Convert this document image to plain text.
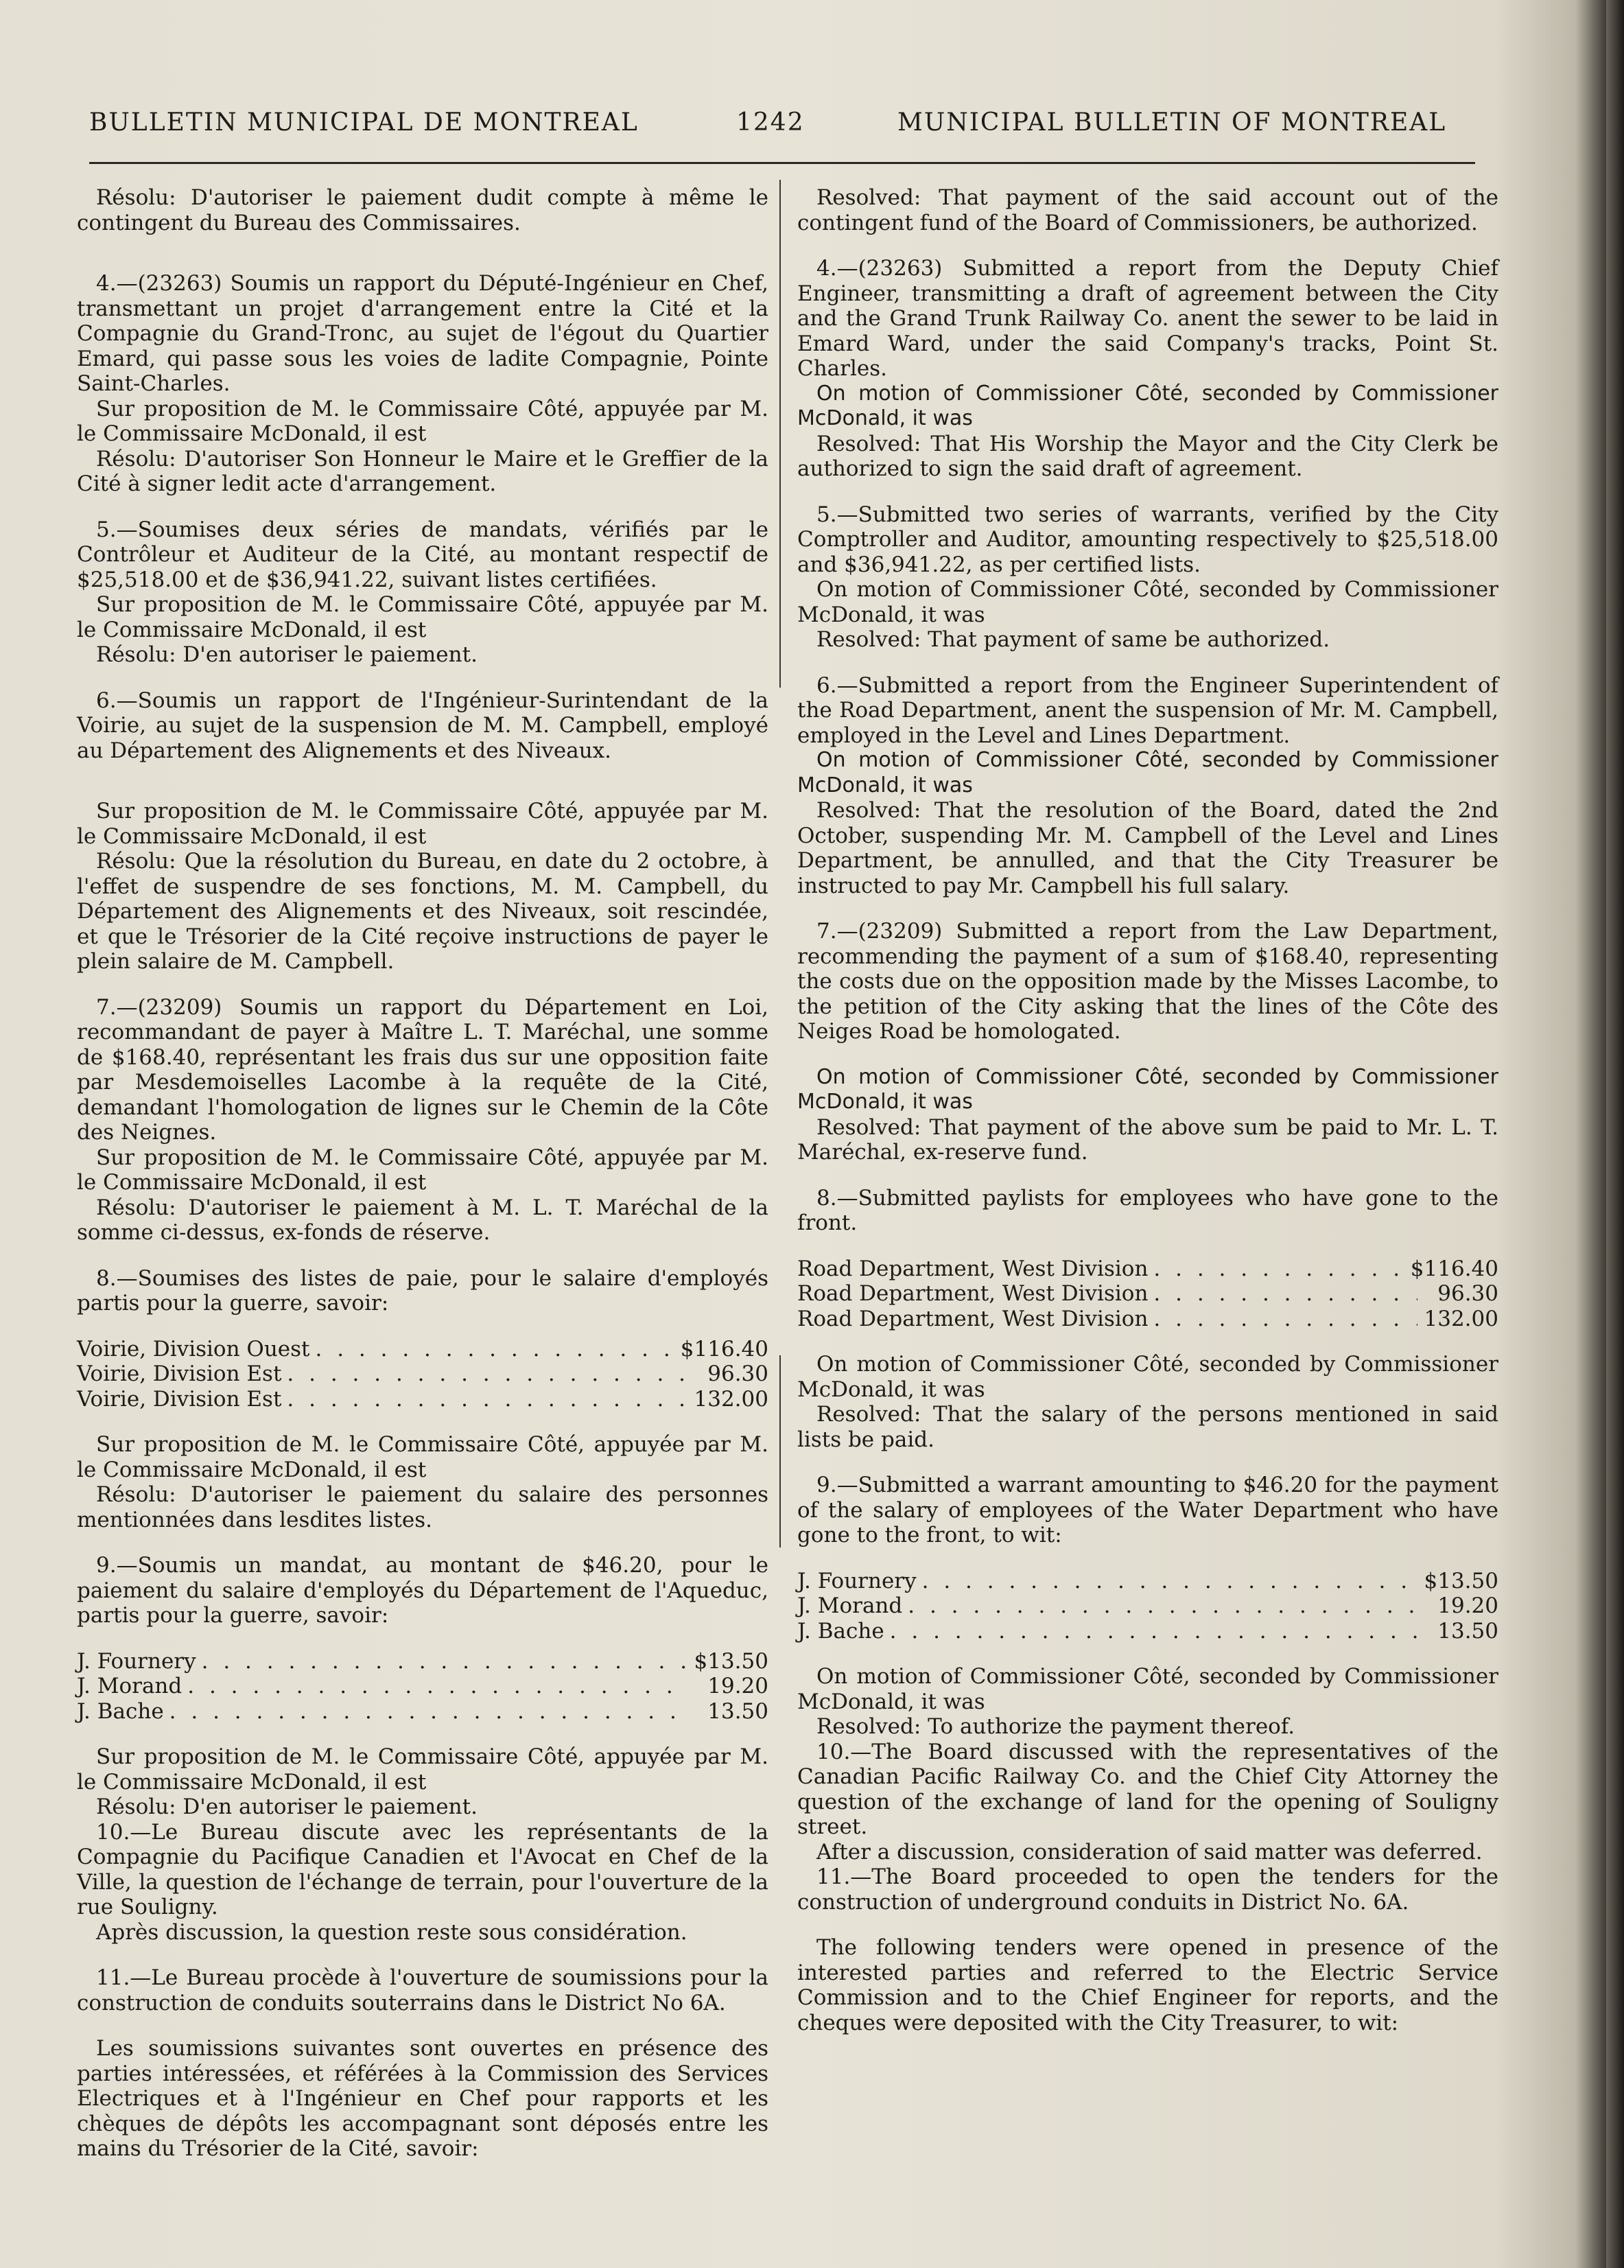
BULLETIN MUNICIPAL DE MONTREAL	1242	MUNICIPAL BULLETIN OF MONTREAL

Résolu: D'autoriser le paiement dudit compte à même le contingent du Bureau des Commissaires.

4.—(23263) Soumis un rapport du Député-Ingénieur en Chef, transmettant un projet d'arrangement entre la Cité et la Compagnie du Grand-Tronc, au sujet de l'égout du Quartier Emard, qui passe sous les voies de ladite Compagnie, Pointe Saint-Charles.

Sur proposition de M. le Commissaire Côté, appuyée par M. le Commissaire McDonald, il est

Résolu: D'autoriser Son Honneur le Maire et le Greffier de la Cité à signer ledit acte d'arrangement.

5.—Soumises deux séries de mandats, vérifiés par le Contrôleur et Auditeur de la Cité, au montant respectif de $25,518.00 et de $36,941.22, suivant listes certifiées.

Sur proposition de M. le Commissaire Côté, appuyée par M. le Commissaire McDonald, il est

Résolu: D'en autoriser le paiement.

6.—Soumis un rapport de l'Ingénieur-Surintendant de la Voirie, au sujet de la suspension de M. M. Campbell, employé au Département des Alignements et des Niveaux.

Sur proposition de M. le Commissaire Côté, appuyée par M. le Commissaire McDonald, il est

Résolu: Que la résolution du Bureau, en date du 2 octobre, à l'effet de suspendre de ses fonctions, M. M. Campbell, du Département des Alignements et des Niveaux, soit rescindée, et que le Trésorier de la Cité reçoive instructions de payer le plein salaire de M. Campbell.

7.—(23209) Soumis un rapport du Département en Loi, recommandant de payer à Maître L. T. Maréchal, une somme de $168.40, représentant les frais dus sur une opposition faite par Mesdemoiselles Lacombe à la requête de la Cité, demandant l'homologation de lignes sur le Chemin de la Côte des Neignes.

Sur proposition de M. le Commissaire Côté, appuyée par M. le Commissaire McDonald, il est

Résolu: D'autoriser le paiement à M. L. T. Maréchal de la somme ci-dessus, ex-fonds de réserve.

8.—Soumises des listes de paie, pour le salaire d'employés partis pour la guerre, savoir:

Voirie, Division Ouest . . .	$116.40
Voirie, Division Est . . .	96.30
Voirie, Division Est . . .	132.00

Sur proposition de M. le Commissaire Côté, appuyée par M. le Commissaire McDonald, il est

Résolu: D'autoriser le paiement du salaire des personnes mentionnées dans lesdites listes.

9.—Soumis un mandat, au montant de $46.20, pour le paiement du salaire d'employés du Département de l'Aqueduc, partis pour la guerre, savoir:

J. Fournery . . .	$13.50
J. Morand . . .	19.20
J. Bache . . .	13.50

Sur proposition de M. le Commissaire Côté, appuyée par M. le Commissaire McDonald, il est

Résolu: D'en autoriser le paiement.

10.—Le Bureau discute avec les représentants de la Compagnie du Pacifique Canadien et l'Avocat en Chef de la Ville, la question de l'échange de terrain, pour l'ouverture de la rue Souligny.

Après discussion, la question reste sous considération.

11.—Le Bureau procède à l'ouverture de soumissions pour la construction de conduits souterrains dans le District No 6A.

Les soumissions suivantes sont ouvertes en présence des parties intéressées, et référées à la Commission des Services Electriques et à l'Ingénieur en Chef pour rapports et les chèques de dépôts les accompagnant sont déposés entre les mains du Trésorier de la Cité, savoir:

Resolved: That payment of the said account out of the contingent fund of the Board of Commissioners, be authorized.

4.—(23263) Submitted a report from the Deputy Chief Engineer, transmitting a draft of agreement between the City and the Grand Trunk Railway Co. anent the sewer to be laid in Emard Ward, under the said Company's tracks, Point St. Charles.

On motion of Commissioner Côté, seconded by Commissioner McDonald, it was

Resolved: That His Worship the Mayor and the City Clerk be authorized to sign the said draft of agreement.

5.—Submitted two series of warrants, verified by the City Comptroller and Auditor, amounting respectively to $25,518.00 and $36,941.22, as per certified lists.

On motion of Commissioner Côté, seconded by Commissioner McDonald, it was

Resolved: That payment of same be authorized.

6.—Submitted a report from the Engineer Superintendent of the Road Department, anent the suspension of Mr. M. Campbell, employed in the Level and Lines Department.

On motion of Commissioner Côté, seconded by Commissioner McDonald, it was

Resolved: That the resolution of the Board, dated the 2nd October, suspending Mr. M. Campbell of the Level and Lines Department, be annulled, and that the City Treasurer be instructed to pay Mr. Campbell his full salary.

7.—(23209) Submitted a report from the Law Department, recommending the payment of a sum of $168.40, representing the costs due on the opposition made by the Misses Lacombe, to the petition of the City asking that the lines of the Côte des Neiges Road be homologated.

On motion of Commissioner Côté, seconded by Commissioner McDonald, it was

Resolved: That payment of the above sum be paid to Mr. L. T. Maréchal, ex-reserve fund.

8.—Submitted paylists for employees who have gone to the front.

Road Department, West Division . . .	$116.40
Road Department, West Division . . .	96.30
Road Department, West Division . . .	132.00

On motion of Commissioner Côté, seconded by Commissioner McDonald, it was

Resolved: That the salary of the persons mentioned in said lists be paid.

9.—Submitted a warrant amounting to $46.20 for the payment of the salary of employees of the Water Department who have gone to the front, to wit:

J. Fournery . . .	$13.50
J. Morand . . .	19.20
J. Bache . . .	13.50

On motion of Commissioner Côté, seconded by Commissioner McDonald, it was

Resolved: To authorize the payment thereof.

10.—The Board discussed with the representatives of the Canadian Pacific Railway Co. and the Chief City Attorney the question of the exchange of land for the opening of Souligny street.

After a discussion, consideration of said matter was deferred.

11.—The Board proceeded to open the tenders for the construction of underground conduits in District No. 6A.

The following tenders were opened in presence of the interested parties and referred to the Electric Service Commission and to the Chief Engineer for reports, and the cheques were deposited with the City Treasurer, to wit:
